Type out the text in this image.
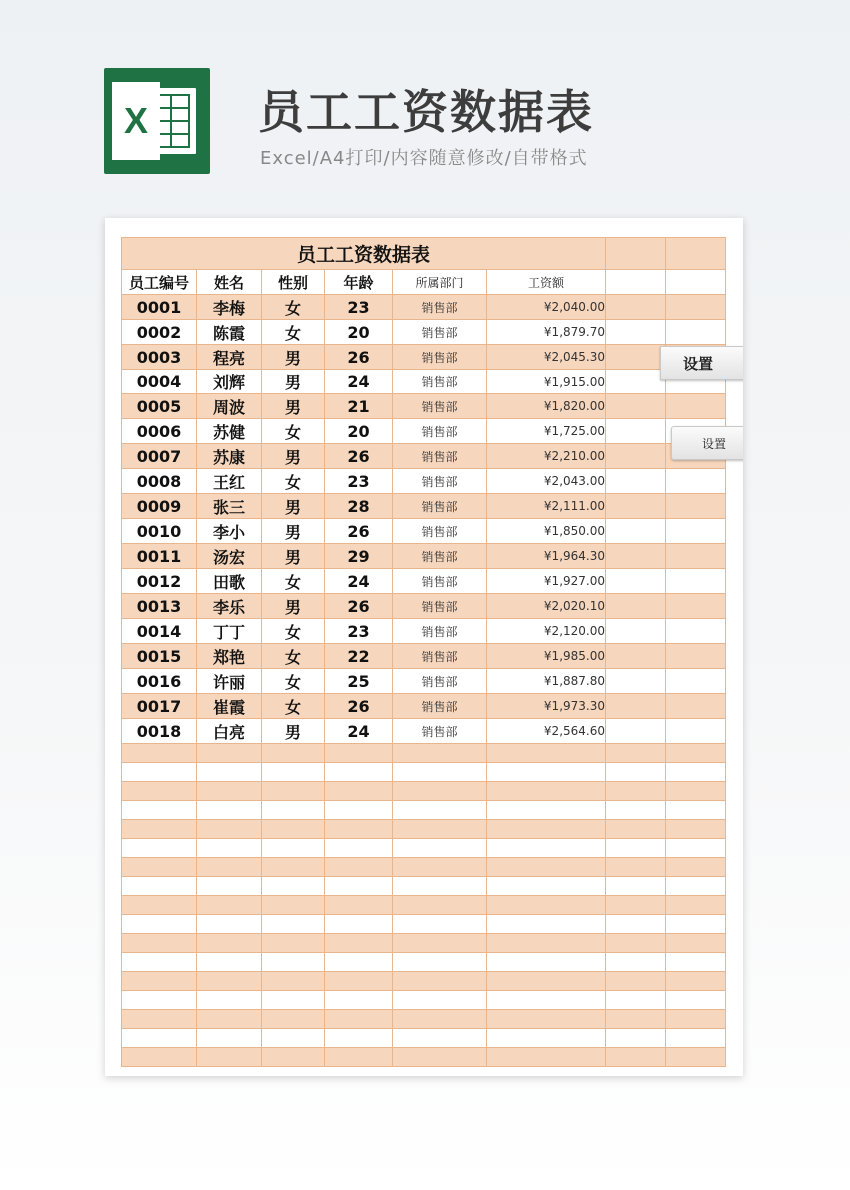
X 员工工资数据表
Excel/A4打印/内容随意修改/自带格式
员工工资数据表							
员工编号	姓名	性别	年龄	所属部门	工资额		
0001	李梅	女	23	销售部	¥2,040.00		
0002	陈霞	女	20	销售部	¥1,879.70		
0003	程亮	男	26	销售部	¥2,045.30		
0004	刘辉	男	24	销售部	¥1,915.00		
0005	周波	男	21	销售部	¥1,820.00		
0006	苏健	女	20	销售部	¥1,725.00		
0007	苏康	男	26	销售部	¥2,210.00		
0008	王红	女	23	销售部	¥2,043.00		
0009	张三	男	28	销售部	¥2,111.00		
0010	李小	男	26	销售部	¥1,850.00		
0011	汤宏	男	29	销售部	¥1,964.30		
0012	田歌	女	24	销售部	¥1,927.00		
0013	李乐	男	26	销售部	¥2,020.10		
0014	丁丁	女	23	销售部	¥2,120.00		
0015	郑艳	女	22	销售部	¥1,985.00		
0016	许丽	女	25	销售部	¥1,887.80		
0017	崔霞	女	26	销售部	¥1,973.30		
0018	白亮	男	24	销售部	¥2,564.60		

设置
设置
